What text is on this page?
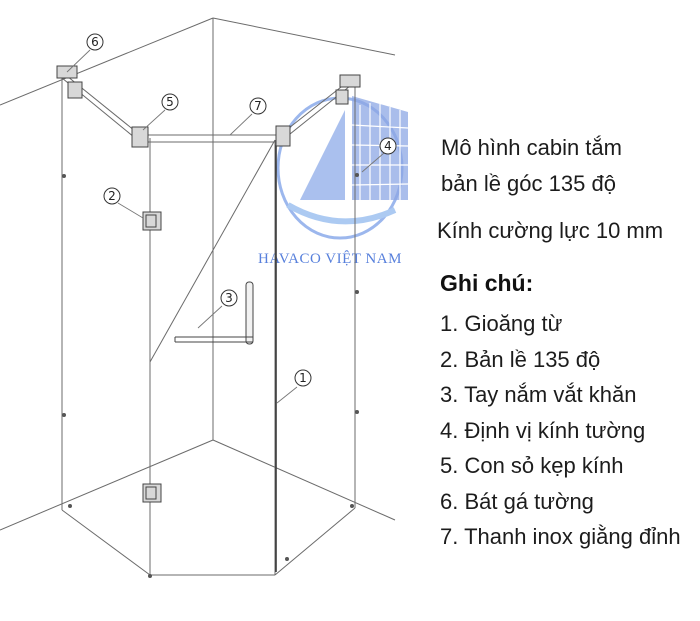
HAVACO VIỆT NAM
6
5	7
4
2
3
1
Mô hình cabin tắm
bản lề góc 135 độ
Kính cường lực 10 mm
Ghi chú:
1. Gioăng từ
2. Bản lề 135 độ
3. Tay nắm vắt khăn
4. Định vị kính tường
5. Con sỏ kẹp kính
6. Bát gá tường
7. Thanh inox giằng đỉnh
